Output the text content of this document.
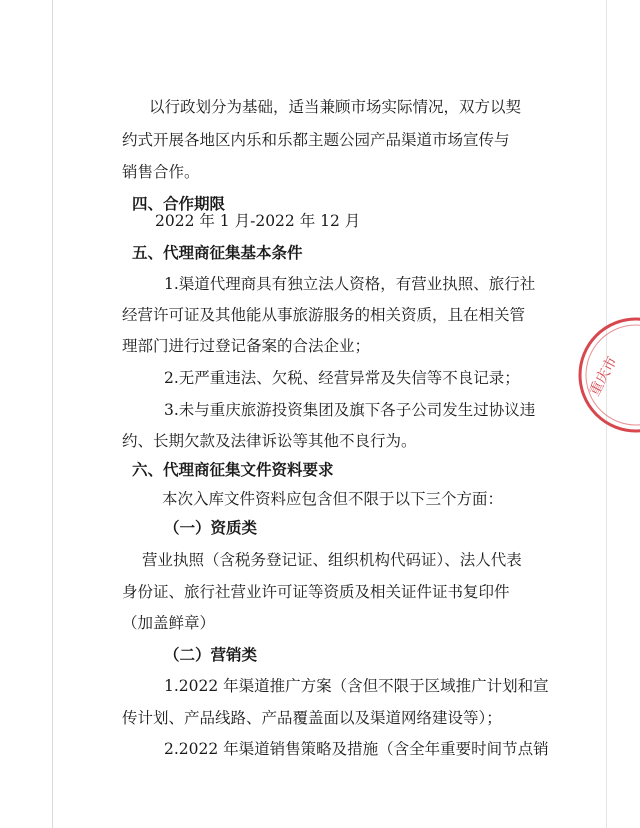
以行政划分为基础，适当兼顾市场实际情况，双方以契

约式开展各地区内乐和乐都主题公园产品渠道市场宣传与

销售合作。

四、合作期限

2022 年 1 月-2022 年 12 月

五、代理商征集基本条件

1.渠道代理商具有独立法人资格，有营业执照、旅行社

经营许可证及其他能从事旅游服务的相关资质，且在相关管

理部门进行过登记备案的合法企业；

2.无严重违法、欠税、经营异常及失信等不良记录；

3.未与重庆旅游投资集团及旗下各子公司发生过协议违

约、长期欠款及法律诉讼等其他不良行为。

六、代理商征集文件资料要求

本次入库文件资料应包含但不限于以下三个方面：

（一）资质类

营业执照（含税务登记证、组织机构代码证）、法人代表

身份证、旅行社营业许可证等资质及相关证件证书复印件

（加盖鲜章）

（二）营销类

1.2022 年渠道推广方案（含但不限于区域推广计划和宣

传计划、产品线路、产品覆盖面以及渠道网络建设等）；

2.2022 年渠道销售策略及措施（含全年重要时间节点销

重庆市
